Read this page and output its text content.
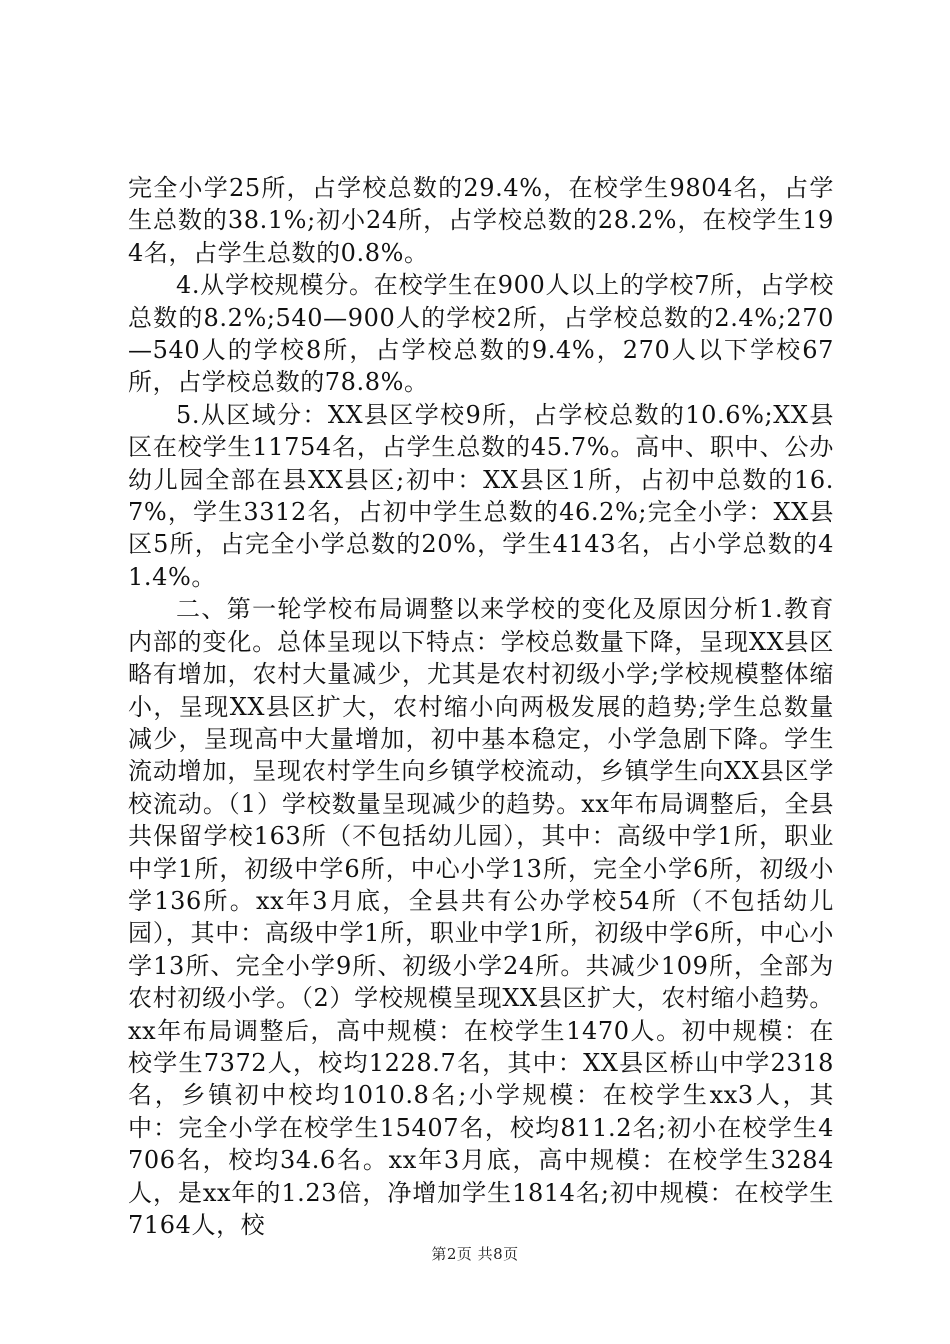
完全小学25所，占学校总数的29.4%，在校学生9804名，占学生总数的38.1%;初小24所，占学校总数的28.2%，在校学生194名，占学生总数的0.8%。

4.从学校规模分。在校学生在900人以上的学校7所，占学校总数的8.2%;540—900人的学校2所，占学校总数的2.4%;270—540人的学校8所，占学校总数的9.4%，270人以下学校67所，占学校总数的78.8%。

5.从区域分：XX县区学校9所，占学校总数的10.6%;XX县区在校学生11754名，占学生总数的45.7%。高中、职中、公办幼儿园全部在县XX县区;初中：XX县区1所，占初中总数的16.7%，学生3312名，占初中学生总数的46.2%;完全小学：XX县区5所，占完全小学总数的20%，学生4143名，占小学总数的41.4%。

二、第一轮学校布局调整以来学校的变化及原因分析1.教育内部的变化。总体呈现以下特点：学校总数量下降，呈现XX县区略有增加，农村大量减少，尤其是农村初级小学;学校规模整体缩小，呈现XX县区扩大，农村缩小向两极发展的趋势;学生总数量减少，呈现高中大量增加，初中基本稳定，小学急剧下降。学生流动增加，呈现农村学生向乡镇学校流动，乡镇学生向XX县区学校流动。（1）学校数量呈现减少的趋势。xx年布局调整后，全县共保留学校163所（不包括幼儿园），其中：高级中学1所，职业中学1所，初级中学6所，中心小学13所，完全小学6所，初级小学136所。xx年3月底，全县共有公办学校54所（不包括幼儿园），其中：高级中学1所，职业中学1所，初级中学6所，中心小学13所、完全小学9所、初级小学24所。共减少109所，全部为农村初级小学。（2）学校规模呈现XX县区扩大，农村缩小趋势。xx年布局调整后，高中规模：在校学生1470人。初中规模：在校学生7372人，校均1228.7名，其中：XX县区桥山中学2318名，乡镇初中校均1010.8名;小学规模：在校学生xx3人，其中：完全小学在校学生15407名，校均811.2名;初小在校学生4706名，校均34.6名。xx年3月底，高中规模：在校学生3284人，是xx年的1.23倍，净增加学生1814名;初中规模：在校学生7164人，校

第2页 共8页
